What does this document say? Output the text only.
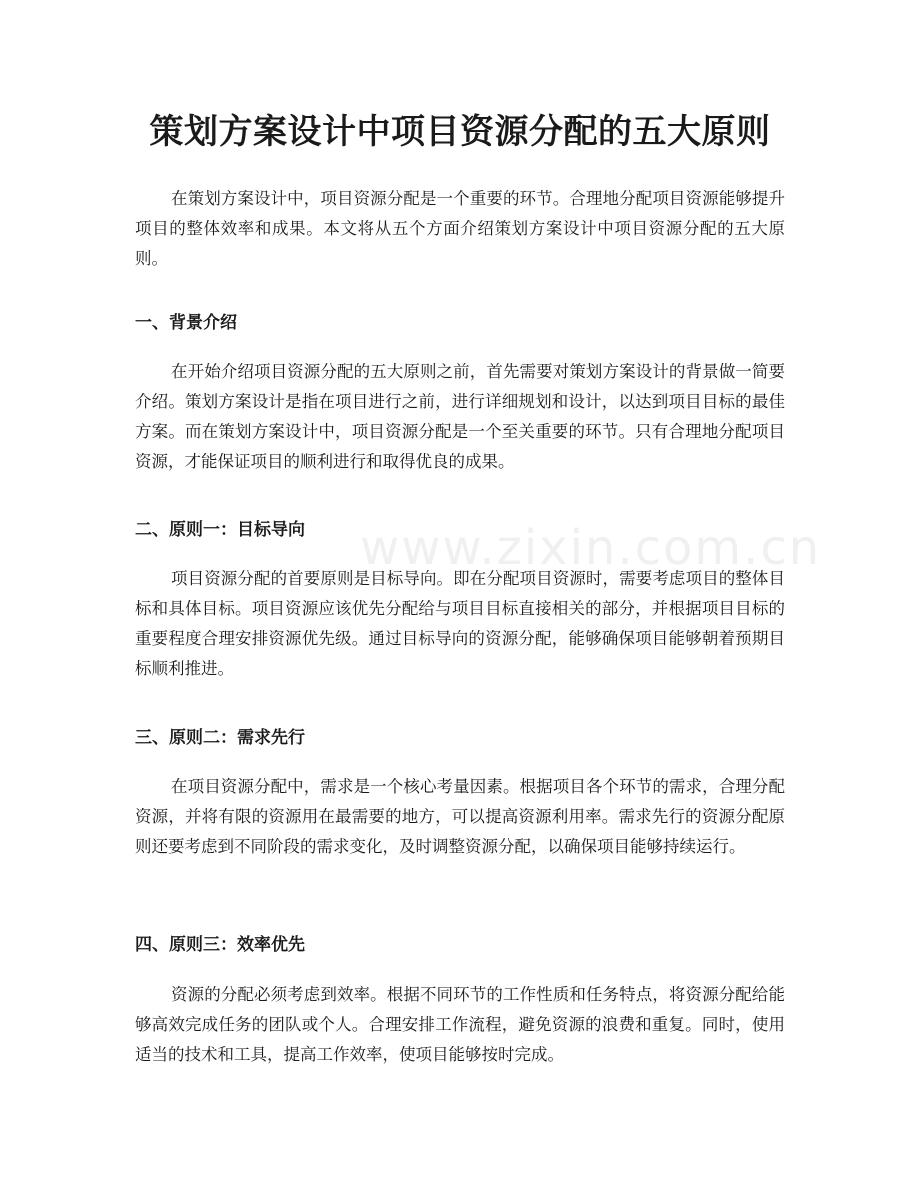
策划方案设计中项目资源分配的五大原则

在策划方案设计中，项目资源分配是一个重要的环节。合理地分配项目资源能够提升项目的整体效率和成果。本文将从五个方面介绍策划方案设计中项目资源分配的五大原则。

一、背景介绍

在开始介绍项目资源分配的五大原则之前，首先需要对策划方案设计的背景做一简要介绍。策划方案设计是指在项目进行之前，进行详细规划和设计，以达到项目目标的最佳方案。而在策划方案设计中，项目资源分配是一个至关重要的环节。只有合理地分配项目资源，才能保证项目的顺利进行和取得优良的成果。

二、原则一：目标导向

项目资源分配的首要原则是目标导向。即在分配项目资源时，需要考虑项目的整体目标和具体目标。项目资源应该优先分配给与项目目标直接相关的部分，并根据项目目标的重要程度合理安排资源优先级。通过目标导向的资源分配，能够确保项目能够朝着预期目标顺利推进。

三、原则二：需求先行

在项目资源分配中，需求是一个核心考量因素。根据项目各个环节的需求，合理分配资源，并将有限的资源用在最需要的地方，可以提高资源利用率。需求先行的资源分配原则还要考虑到不同阶段的需求变化，及时调整资源分配，以确保项目能够持续运行。

四、原则三：效率优先

资源的分配必须考虑到效率。根据不同环节的工作性质和任务特点，将资源分配给能够高效完成任务的团队或个人。合理安排工作流程，避免资源的浪费和重复。同时，使用适当的技术和工具，提高工作效率，使项目能够按时完成。

www.zixin.com.cn
